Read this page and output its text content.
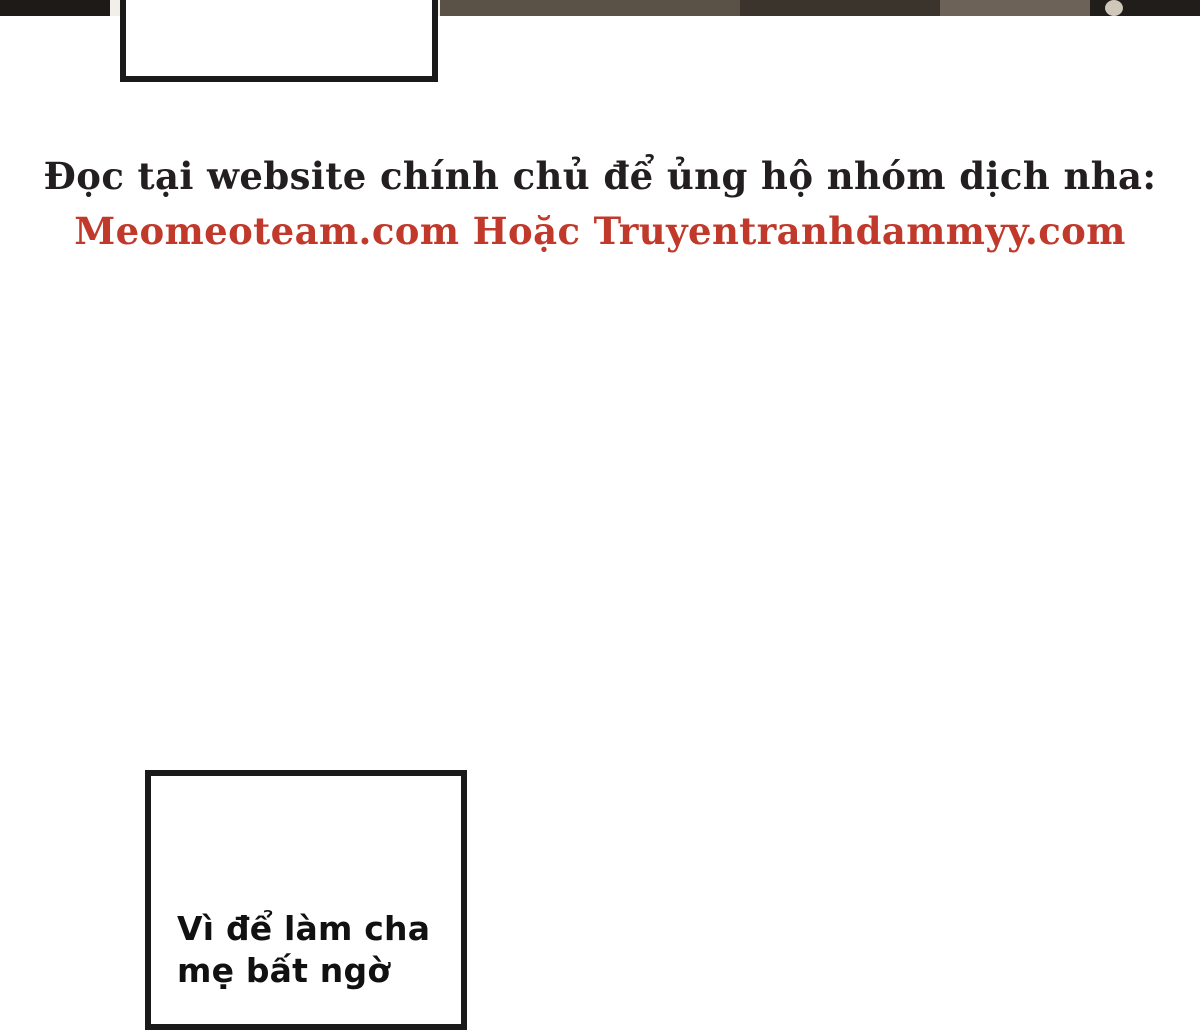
Đọc tại website chính chủ để ủng hộ nhóm dịch nha:
Meomeoteam.com Hoặc Truyentranhdammyy.com
Vì để làm cha mẹ bất ngờ
